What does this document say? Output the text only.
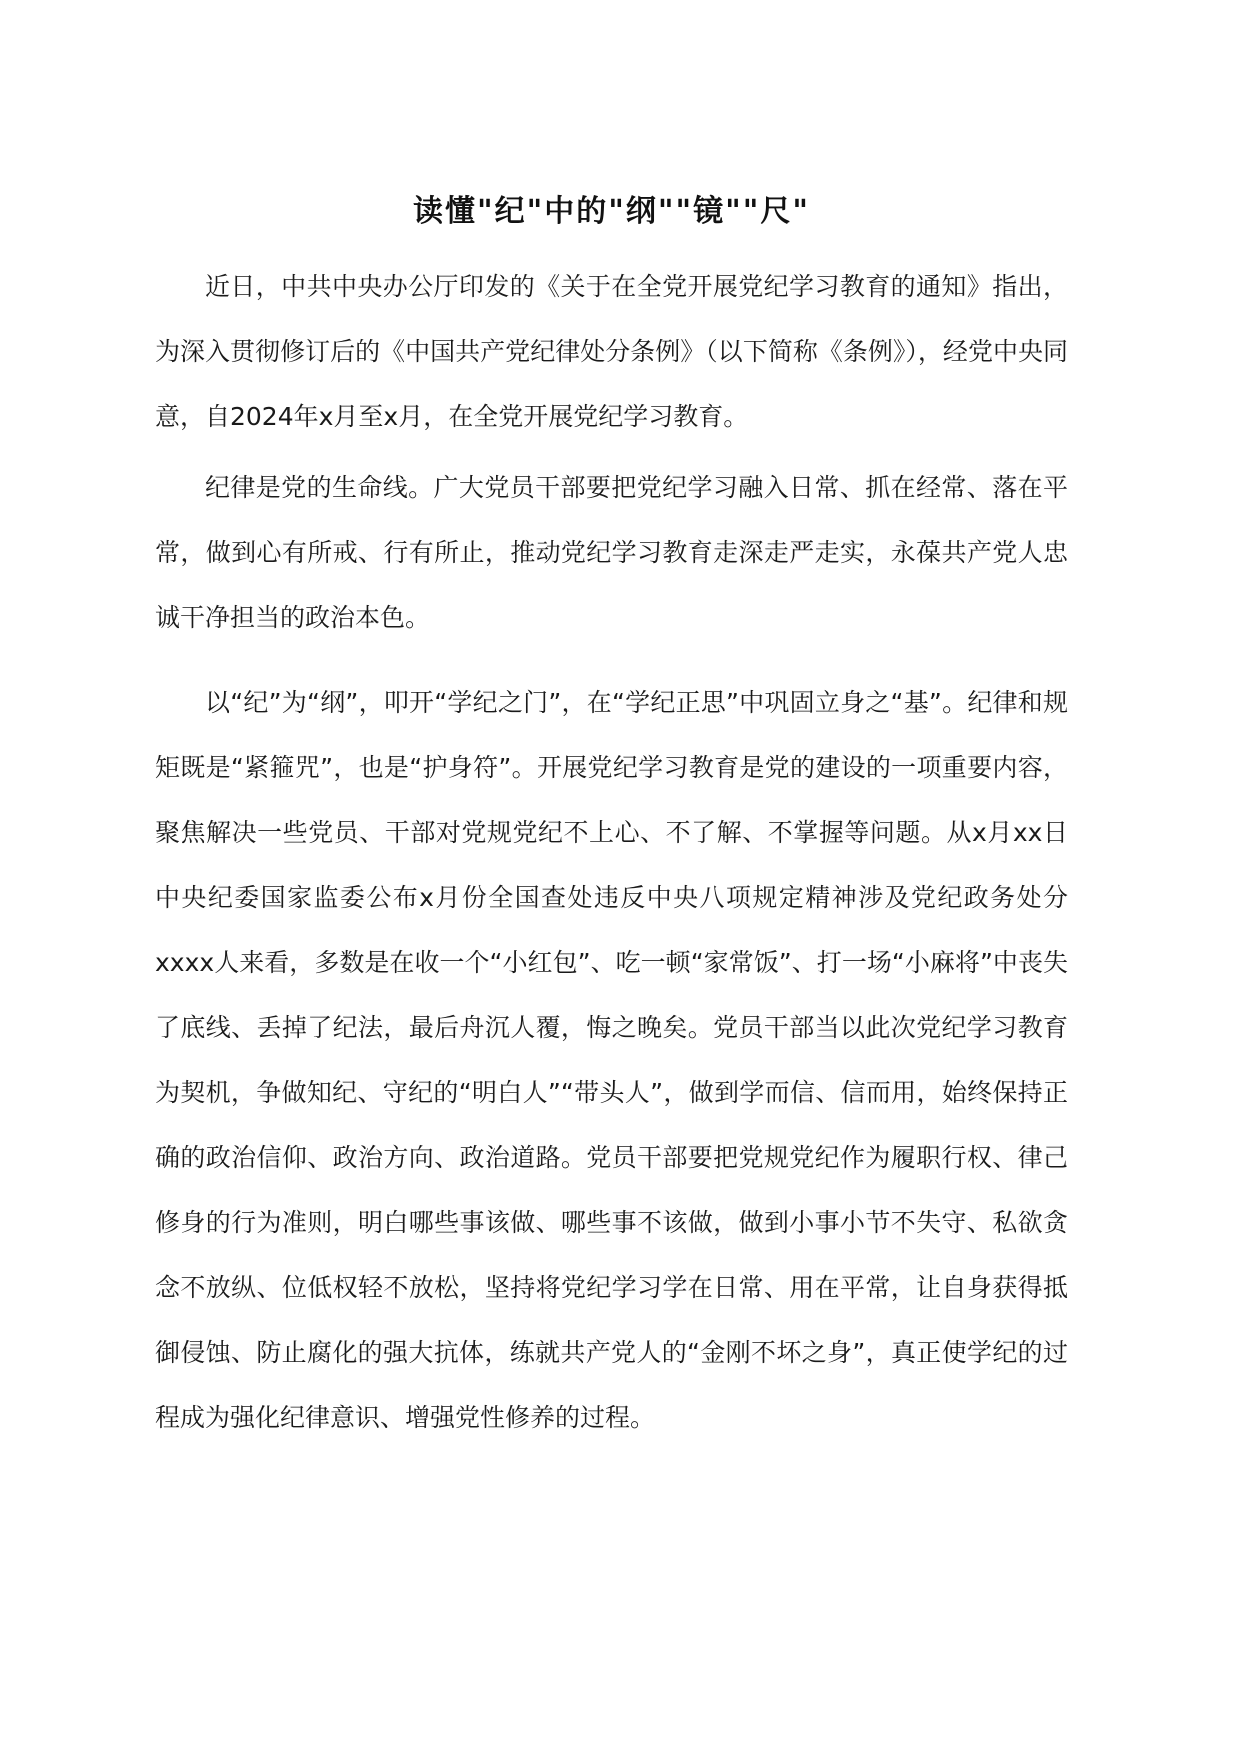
读懂"纪"中的"纲""镜""尺"

近日，中共中央办公厅印发的《关于在全党开展党纪学习教育的通知》指出，为深入贯彻修订后的《中国共产党纪律处分条例》（以下简称《条例》），经党中央同意，自2024年x月至x月，在全党开展党纪学习教育。

纪律是党的生命线。广大党员干部要把党纪学习融入日常、抓在经常、落在平常，做到心有所戒、行有所止，推动党纪学习教育走深走严走实，永葆共产党人忠诚干净担当的政治本色。

以“纪”为“纲”，叩开“学纪之门”，在“学纪正思”中巩固立身之“基”。纪律和规矩既是“紧箍咒”，也是“护身符”。开展党纪学习教育是党的建设的一项重要内容，聚焦解决一些党员、干部对党规党纪不上心、不了解、不掌握等问题。从x月xx日中央纪委国家监委公布x月份全国查处违反中央八项规定精神涉及党纪政务处分xxxx人来看，多数是在收一个“小红包”、吃一顿“家常饭”、打一场“小麻将”中丧失了底线、丢掉了纪法，最后舟沉人覆，悔之晚矣。党员干部当以此次党纪学习教育为契机，争做知纪、守纪的“明白人”“带头人”，做到学而信、信而用，始终保持正确的政治信仰、政治方向、政治道路。党员干部要把党规党纪作为履职行权、律己修身的行为准则，明白哪些事该做、哪些事不该做，做到小事小节不失守、私欲贪念不放纵、位低权轻不放松，坚持将党纪学习学在日常、用在平常，让自身获得抵御侵蚀、防止腐化的强大抗体，练就共产党人的“金刚不坏之身”，真正使学纪的过程成为强化纪律意识、增强党性修养的过程。
